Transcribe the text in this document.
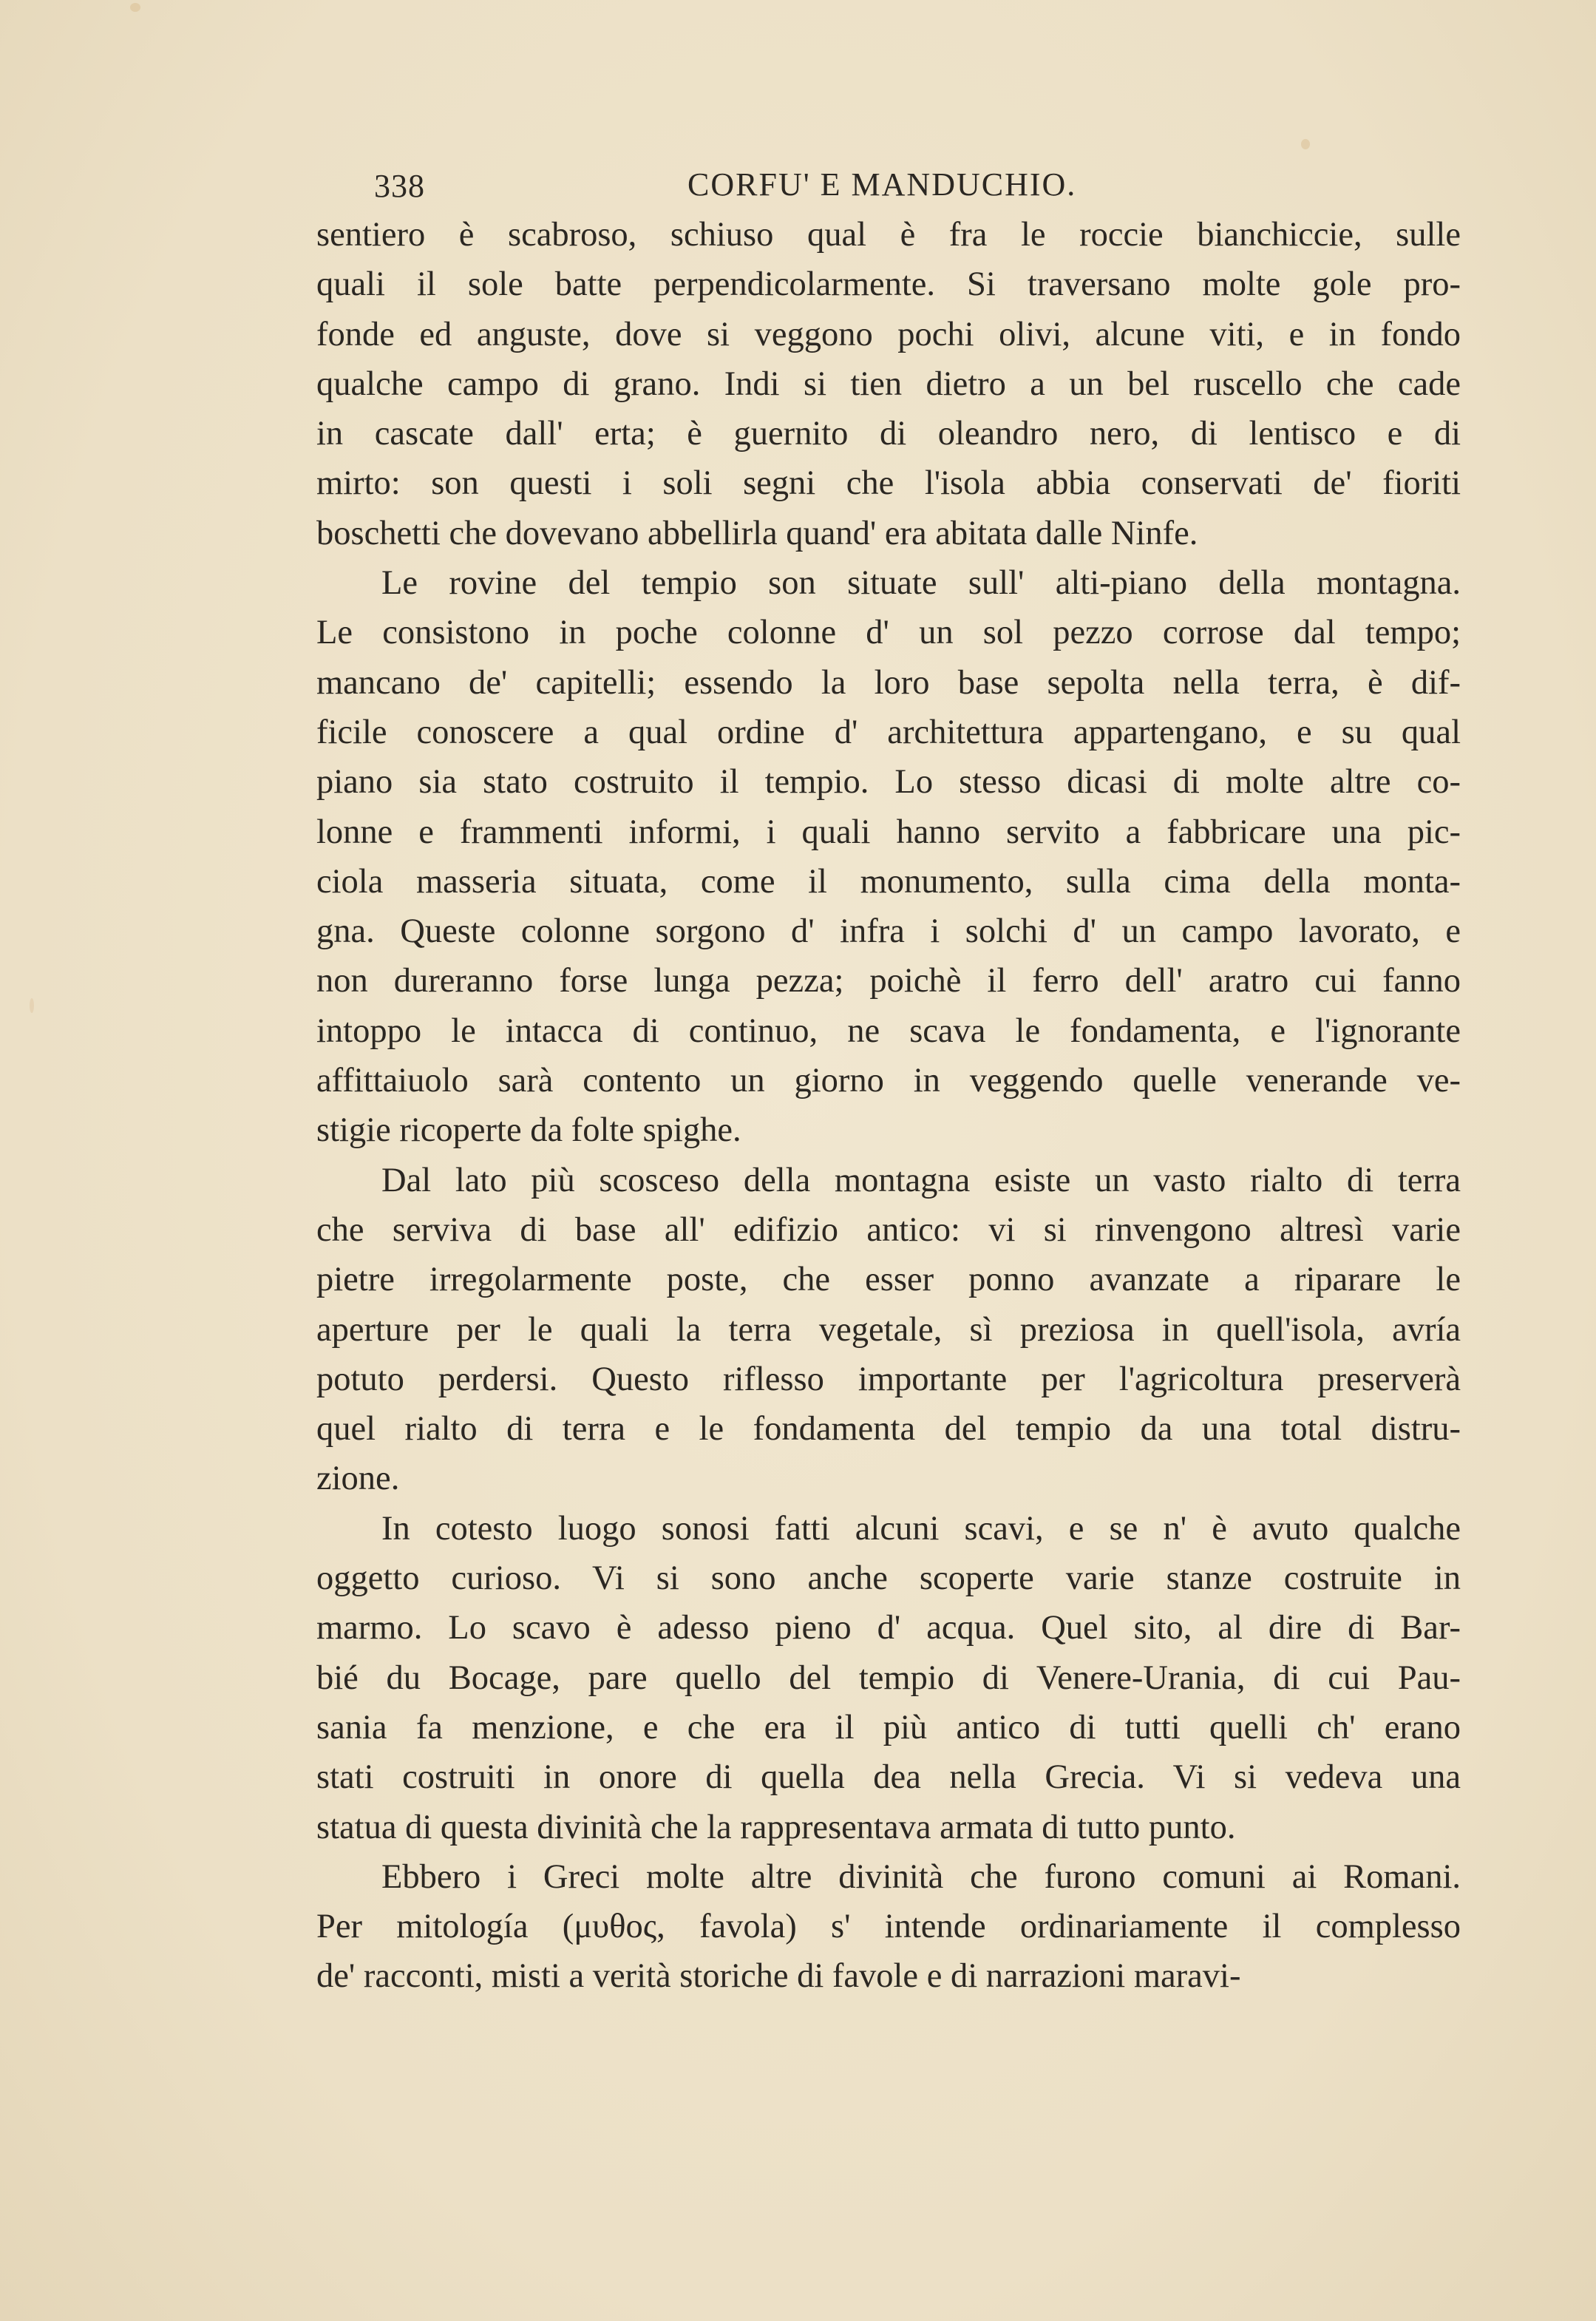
338	CORFU' E MANDUCHIO.
sentiero è scabroso, schiuso qual è fra le roccie bianchiccie, sulle
quali il sole batte perpendicolarmente. Si traversano molte gole pro-
fonde ed anguste, dove si veggono pochi olivi, alcune viti, e in fondo
qualche campo di grano. Indi si tien dietro a un bel ruscello che cade
in cascate dall' erta; è guernito di oleandro nero, di lentisco e di
mirto: son questi i soli segni che l'isola abbia conservati de' fioriti
boschetti che dovevano abbellirla quand' era abitata dalle Ninfe.
Le rovine del tempio son situate sull' alti-piano della montagna.
Le consistono in poche colonne d' un sol pezzo corrose dal tempo;
mancano de' capitelli; essendo la loro base sepolta nella terra, è dif-
ficile conoscere a qual ordine d' architettura appartengano, e su qual
piano sia stato costruito il tempio. Lo stesso dicasi di molte altre co-
lonne e frammenti informi, i quali hanno servito a fabbricare una pic-
ciola masseria situata, come il monumento, sulla cima della monta-
gna. Queste colonne sorgono d' infra i solchi d' un campo lavorato, e
non dureranno forse lunga pezza; poichè il ferro dell' aratro cui fanno
intoppo le intacca di continuo, ne scava le fondamenta, e l'ignorante
affittaiuolo sarà contento un giorno in veggendo quelle venerande ve-
stigie ricoperte da folte spighe.
Dal lato più scosceso della montagna esiste un vasto rialto di terra
che serviva di base all' edifizio antico: vi si rinvengono altresì varie
pietre irregolarmente poste, che esser ponno avanzate a riparare le
aperture per le quali la terra vegetale, sì preziosa in quell'isola, avría
potuto perdersi. Questo riflesso importante per l'agricoltura preserverà
quel rialto di terra e le fondamenta del tempio da una total distru-
zione.
In cotesto luogo sonosi fatti alcuni scavi, e se n' è avuto qualche
oggetto curioso. Vi si sono anche scoperte varie stanze costruite in
marmo. Lo scavo è adesso pieno d' acqua. Quel sito, al dire di Bar-
bié du Bocage, pare quello del tempio di Venere-Urania, di cui Pau-
sania fa menzione, e che era il più antico di tutti quelli ch' erano
stati costruiti in onore di quella dea nella Grecia. Vi si vedeva una
statua di questa divinità che la rappresentava armata di tutto punto.
Ebbero i Greci molte altre divinità che furono comuni ai Romani.
Per mitología (μυθος, favola) s' intende ordinariamente il complesso
de' racconti, misti a verità storiche di favole e di narrazioni maravi-
